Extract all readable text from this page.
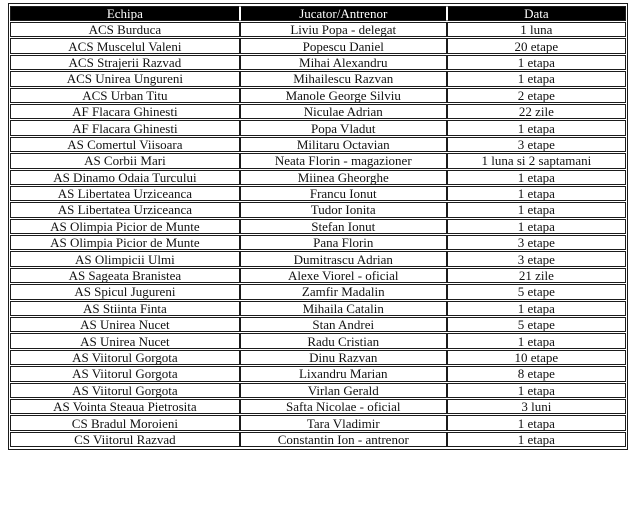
Echipa	Jucator/Antrenor	Data
ACS Burduca	Liviu Popa - delegat	1 luna
ACS Muscelul Valeni	Popescu Daniel	20 etape
ACS Strajerii Razvad	Mihai Alexandru	1 etapa
ACS Unirea Ungureni	Mihailescu Razvan	1 etapa
ACS Urban Titu	Manole George Silviu	2 etape
AF Flacara Ghinesti	Niculae Adrian	22 zile
AF Flacara Ghinesti	Popa Vladut	1 etapa
AS Comertul Viisoara	Militaru Octavian	3 etape
AS Corbii Mari	Neata Florin - magazioner	1 luna si 2 saptamani
AS Dinamo Odaia Turcului	Miinea Gheorghe	1 etapa
AS Libertatea Urziceanca	Francu Ionut	1 etapa
AS Libertatea Urziceanca	Tudor Ionita	1 etapa
AS Olimpia Picior de Munte	Stefan Ionut	1 etapa
AS Olimpia Picior de Munte	Pana Florin	3 etape
AS Olimpicii Ulmi	Dumitrascu Adrian	3 etape
AS Sageata Branistea	Alexe Viorel - oficial	21 zile
AS Spicul Jugureni	Zamfir Madalin	5 etape
AS Stiinta Finta	Mihaila Catalin	1 etapa
AS Unirea Nucet	Stan Andrei	5 etape
AS Unirea Nucet	Radu Cristian	1 etapa
AS Viitorul Gorgota	Dinu Razvan	10 etape
AS Viitorul Gorgota	Lixandru Marian	8 etape
AS Viitorul Gorgota	Virlan Gerald	1 etapa
AS Vointa Steaua Pietrosita	Safta Nicolae - oficial	3 luni
CS Bradul Moroieni	Tara Vladimir	1 etapa
CS Viitorul Razvad	Constantin Ion - antrenor	1 etapa
